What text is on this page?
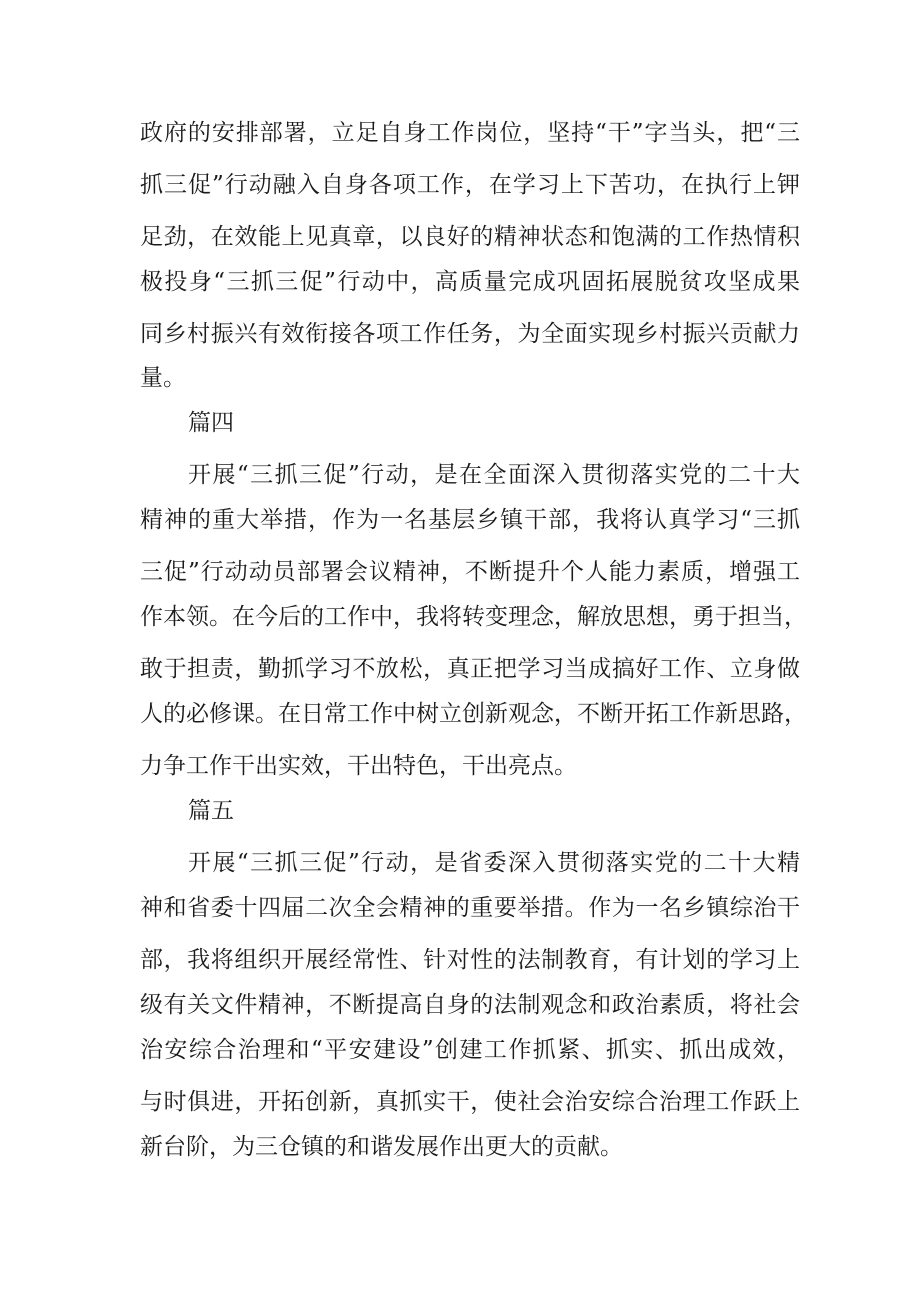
政府的安排部署，立足自身工作岗位，坚持“干”字当头，把“三
抓三促”行动融入自身各项工作，在学习上下苦功，在执行上钾
足劲，在效能上见真章，以良好的精神状态和饱满的工作热情积
极投身“三抓三促”行动中，高质量完成巩固拓展脱贫攻坚成果
同乡村振兴有效衔接各项工作任务，为全面实现乡村振兴贡献力
量。
篇四
开展“三抓三促”行动，是在全面深入贯彻落实党的二十大
精神的重大举措，作为一名基层乡镇干部，我将认真学习“三抓
三促”行动动员部署会议精神，不断提升个人能力素质，增强工
作本领。在今后的工作中，我将转变理念，解放思想，勇于担当，
敢于担责，勤抓学习不放松，真正把学习当成搞好工作、立身做
人的必修课。在日常工作中树立创新观念，不断开拓工作新思路，
力争工作干出实效，干出特色，干出亮点。
篇五
开展“三抓三促”行动，是省委深入贯彻落实党的二十大精
神和省委十四届二次全会精神的重要举措。作为一名乡镇综治干
部，我将组织开展经常性、针对性的法制教育，有计划的学习上
级有关文件精神，不断提高自身的法制观念和政治素质，将社会
治安综合治理和“平安建设”创建工作抓紧、抓实、抓出成效，
与时俱进，开拓创新，真抓实干，使社会治安综合治理工作跃上
新台阶，为三仓镇的和谐发展作出更大的贡献。
